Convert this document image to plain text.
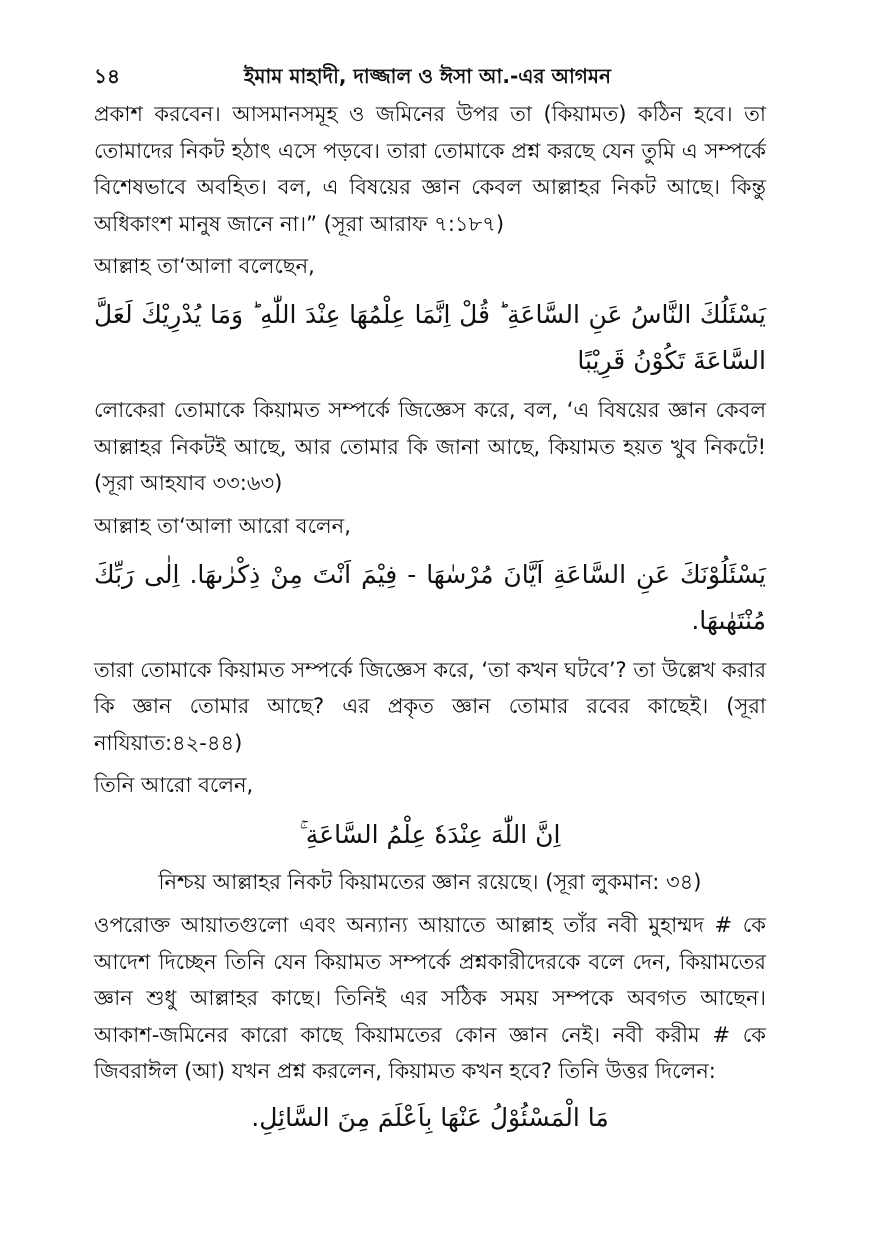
১৪	ইমাম মাহাদী, দাজ্জাল ও ঈসা আ.-এর আগমন

প্রকাশ করবেন। আসমানসমূহ ও জমিনের উপর তা (কিয়ামত) কঠিন হবে। তা তোমাদের নিকট হঠাৎ এসে পড়বে। তারা তোমাকে প্রশ্ন করছে যেন তুমি এ সম্পর্কে বিশেষভাবে অবহিত। বল, এ বিষয়ের জ্ঞান কেবল আল্লাহর নিকট আছে। কিন্তু অধিকাংশ মানুষ জানে না।” (সূরা আরাফ ৭:১৮৭)

আল্লাহ তা‘আলা বলেছেন,

يَسْئَلُكَ النَّاسُ عَنِ السَّاعَةِ ؕ قُلْ اِنَّمَا عِلْمُهَا عِنْدَ اللّٰهِ ؕ وَمَا يُدْرِيْكَ لَعَلَّ السَّاعَةَ تَكُوْنُ قَرِيْبًا

লোকেরা তোমাকে কিয়ামত সম্পর্কে জিজ্ঞেস করে, বল, ‘এ বিষয়ের জ্ঞান কেবল আল্লাহর নিকটই আছে, আর তোমার কি জানা আছে, কিয়ামত হয়ত খুব নিকটে! (সূরা আহযাব ৩৩:৬৩)

আল্লাহ তা‘আলা আরো বলেন,

يَسْئَلُوْنَكَ عَنِ السَّاعَةِ اَيَّانَ مُرْسٰهَا - فِيْمَ اَنْتَ مِنْ ذِكْرٰىهَا. اِلٰى رَبِّكَ مُنْتَهٰىهَا.

তারা তোমাকে কিয়ামত সম্পর্কে জিজ্ঞেস করে, ‘তা কখন ঘটবে’? তা উল্লেখ করার কি জ্ঞান তোমার আছে? এর প্রকৃত জ্ঞান তোমার রবের কাছেই। (সূরা নাযিয়াত:৪২-৪৪)

তিনি আরো বলেন,

اِنَّ اللّٰهَ عِنْدَهٗ عِلْمُ السَّاعَةِ ۚ

নিশ্চয় আল্লাহর নিকট কিয়ামতের জ্ঞান রয়েছে। (সূরা লুকমান: ৩৪)

ওপরোক্ত আয়াতগুলো এবং অন্যান্য আয়াতে আল্লাহ তাঁর নবী মুহাম্মদ # কে আদেশ দিচ্ছেন তিনি যেন কিয়ামত সম্পর্কে প্রশ্নকারীদেরকে বলে দেন, কিয়ামতের জ্ঞান শুধু আল্লাহর কাছে। তিনিই এর সঠিক সময় সম্পকে অবগত আছেন। আকাশ-জমিনের কারো কাছে কিয়ামতের কোন জ্ঞান নেই। নবী করীম # কে জিবরাঈল (আ) যখন প্রশ্ন করলেন, কিয়ামত কখন হবে? তিনি উত্তর দিলেন:

مَا الْمَسْئُوْلُ عَنْهَا بِاَعْلَمَ مِنَ السَّائِلِ.
